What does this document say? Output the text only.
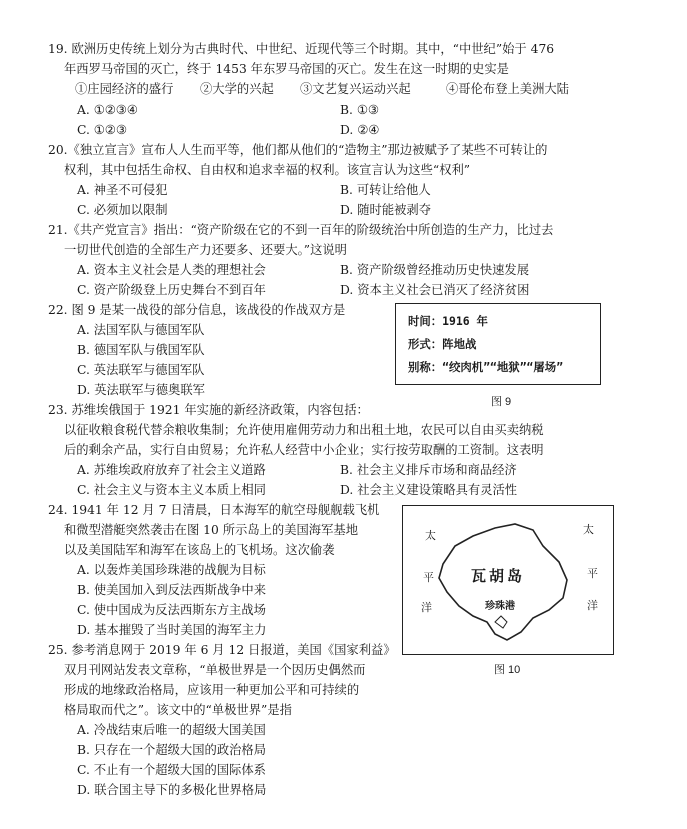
19. 欧洲历史传统上划分为古典时代、中世纪、近现代等三个时期。其中，“中世纪”始于 476
年西罗马帝国的灭亡，终于 1453 年东罗马帝国的灭亡。发生在这一时期的史实是
①庄园经济的盛行 ②大学的兴起 ③文艺复兴运动兴起	④哥伦布登上美洲大陆
A. ①②③④	B. ①③
C. ①②③	D. ②④
20.《独立宣言》宣布人人生而平等，他们都从他们的“造物主”那边被赋予了某些不可转让的
权利，其中包括生命权、自由权和追求幸福的权利。该宣言认为这些“权利”
A. 神圣不可侵犯	B. 可转让给他人
C. 必须加以限制	D. 随时能被剥夺
21.《共产党宣言》指出：“资产阶级在它的不到一百年的阶级统治中所创造的生产力，比过去
一切世代创造的全部生产力还要多、还要大。”这说明
A. 资本主义社会是人类的理想社会	B. 资产阶级曾经推动历史快速发展
C. 资产阶级登上历史舞台不到百年	D. 资本主义社会已消灭了经济贫困
22. 图 9 是某一战役的部分信息，该战役的作战双方是
A. 法国军队与德国军队
B. 德国军队与俄国军队
C. 英法联军与德国军队
D. 英法联军与德奥联军
时间：1916 年
形式：阵地战
别称：“绞肉机”“地狱”“屠场”
图 9
23. 苏维埃俄国于 1921 年实施的新经济政策，内容包括：
以征收粮食税代替余粮收集制；允许使用雇佣劳动力和出租土地，农民可以自由买卖纳税
后的剩余产品，实行自由贸易；允许私人经营中小企业；实行按劳取酬的工资制。这表明
A. 苏维埃政府放弃了社会主义道路	B. 社会主义排斥市场和商品经济
C. 社会主义与资本主义本质上相同	D. 社会主义建设策略具有灵活性
24. 1941 年 12 月 7 日清晨，日本海军的航空母舰舰载飞机
和微型潜艇突然袭击在图 10 所示岛上的美国海军基地
以及美国陆军和海军在该岛上的飞机场。这次偷袭
A. 以轰炸美国珍珠港的战舰为目标
B. 使美国加入到反法西斯战争中来
C. 使中国成为反法西斯东方主战场
D. 基本摧毁了当时美国的海军主力
太
平
洋
太
平
洋
瓦胡岛
珍珠港
图 10
25. 参考消息网于 2019 年 6 月 12 日报道，美国《国家利益》
双月刊网站发表文章称，“单极世界是一个因历史偶然而
形成的地缘政治格局，应该用一种更加公平和可持续的
格局取而代之”。该文中的“单极世界”是指
A. 冷战结束后唯一的超级大国美国
B. 只存在一个超级大国的政治格局
C. 不止有一个超级大国的国际体系
D. 联合国主导下的多极化世界格局
